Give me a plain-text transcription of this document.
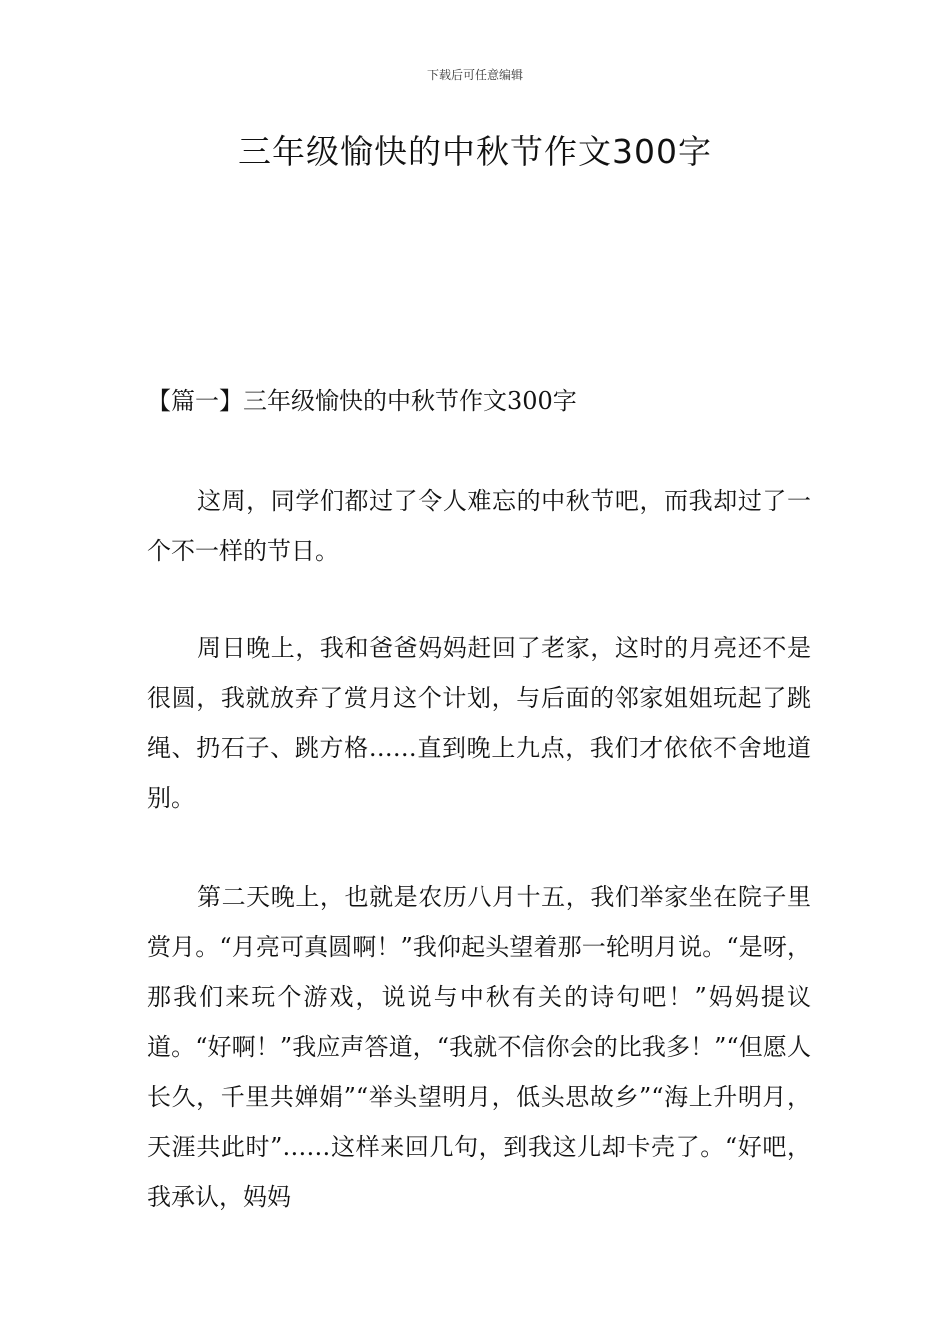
下载后可任意编辑
三年级愉快的中秋节作文300字
【篇一】三年级愉快的中秋节作文300字

这周，同学们都过了令人难忘的中秋节吧，而我却过了一个不一样的节日。

周日晚上，我和爸爸妈妈赶回了老家，这时的月亮还不是很圆，我就放弃了赏月这个计划，与后面的邻家姐姐玩起了跳绳、扔石子、跳方格……直到晚上九点，我们才依依不舍地道别。

第二天晚上，也就是农历八月十五，我们举家坐在院子里赏月。“月亮可真圆啊！”我仰起头望着那一轮明月说。“是呀，那我们来玩个游戏，说说与中秋有关的诗句吧！”妈妈提议道。“好啊！”我应声答道，“我就不信你会的比我多！”“但愿人长久，千里共婵娟”“举头望明月，低头思故乡”“海上升明月，天涯共此时”……这样来回几句，到我这儿却卡壳了。“好吧，我承认，妈妈
